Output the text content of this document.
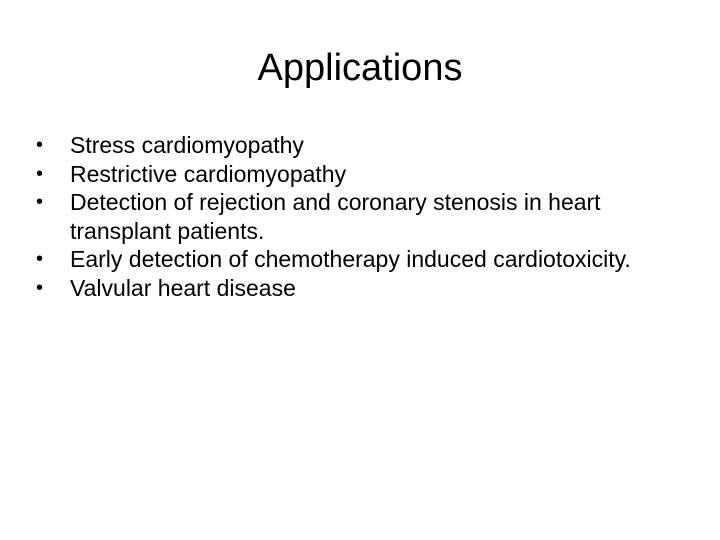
Applications
•	Stress cardiomyopathy
•	Restrictive cardiomyopathy
•	Detection of rejection and coronary stenosis in heart transplant patients.
•	Early detection of chemotherapy induced cardiotoxicity.
•	Valvular heart disease
